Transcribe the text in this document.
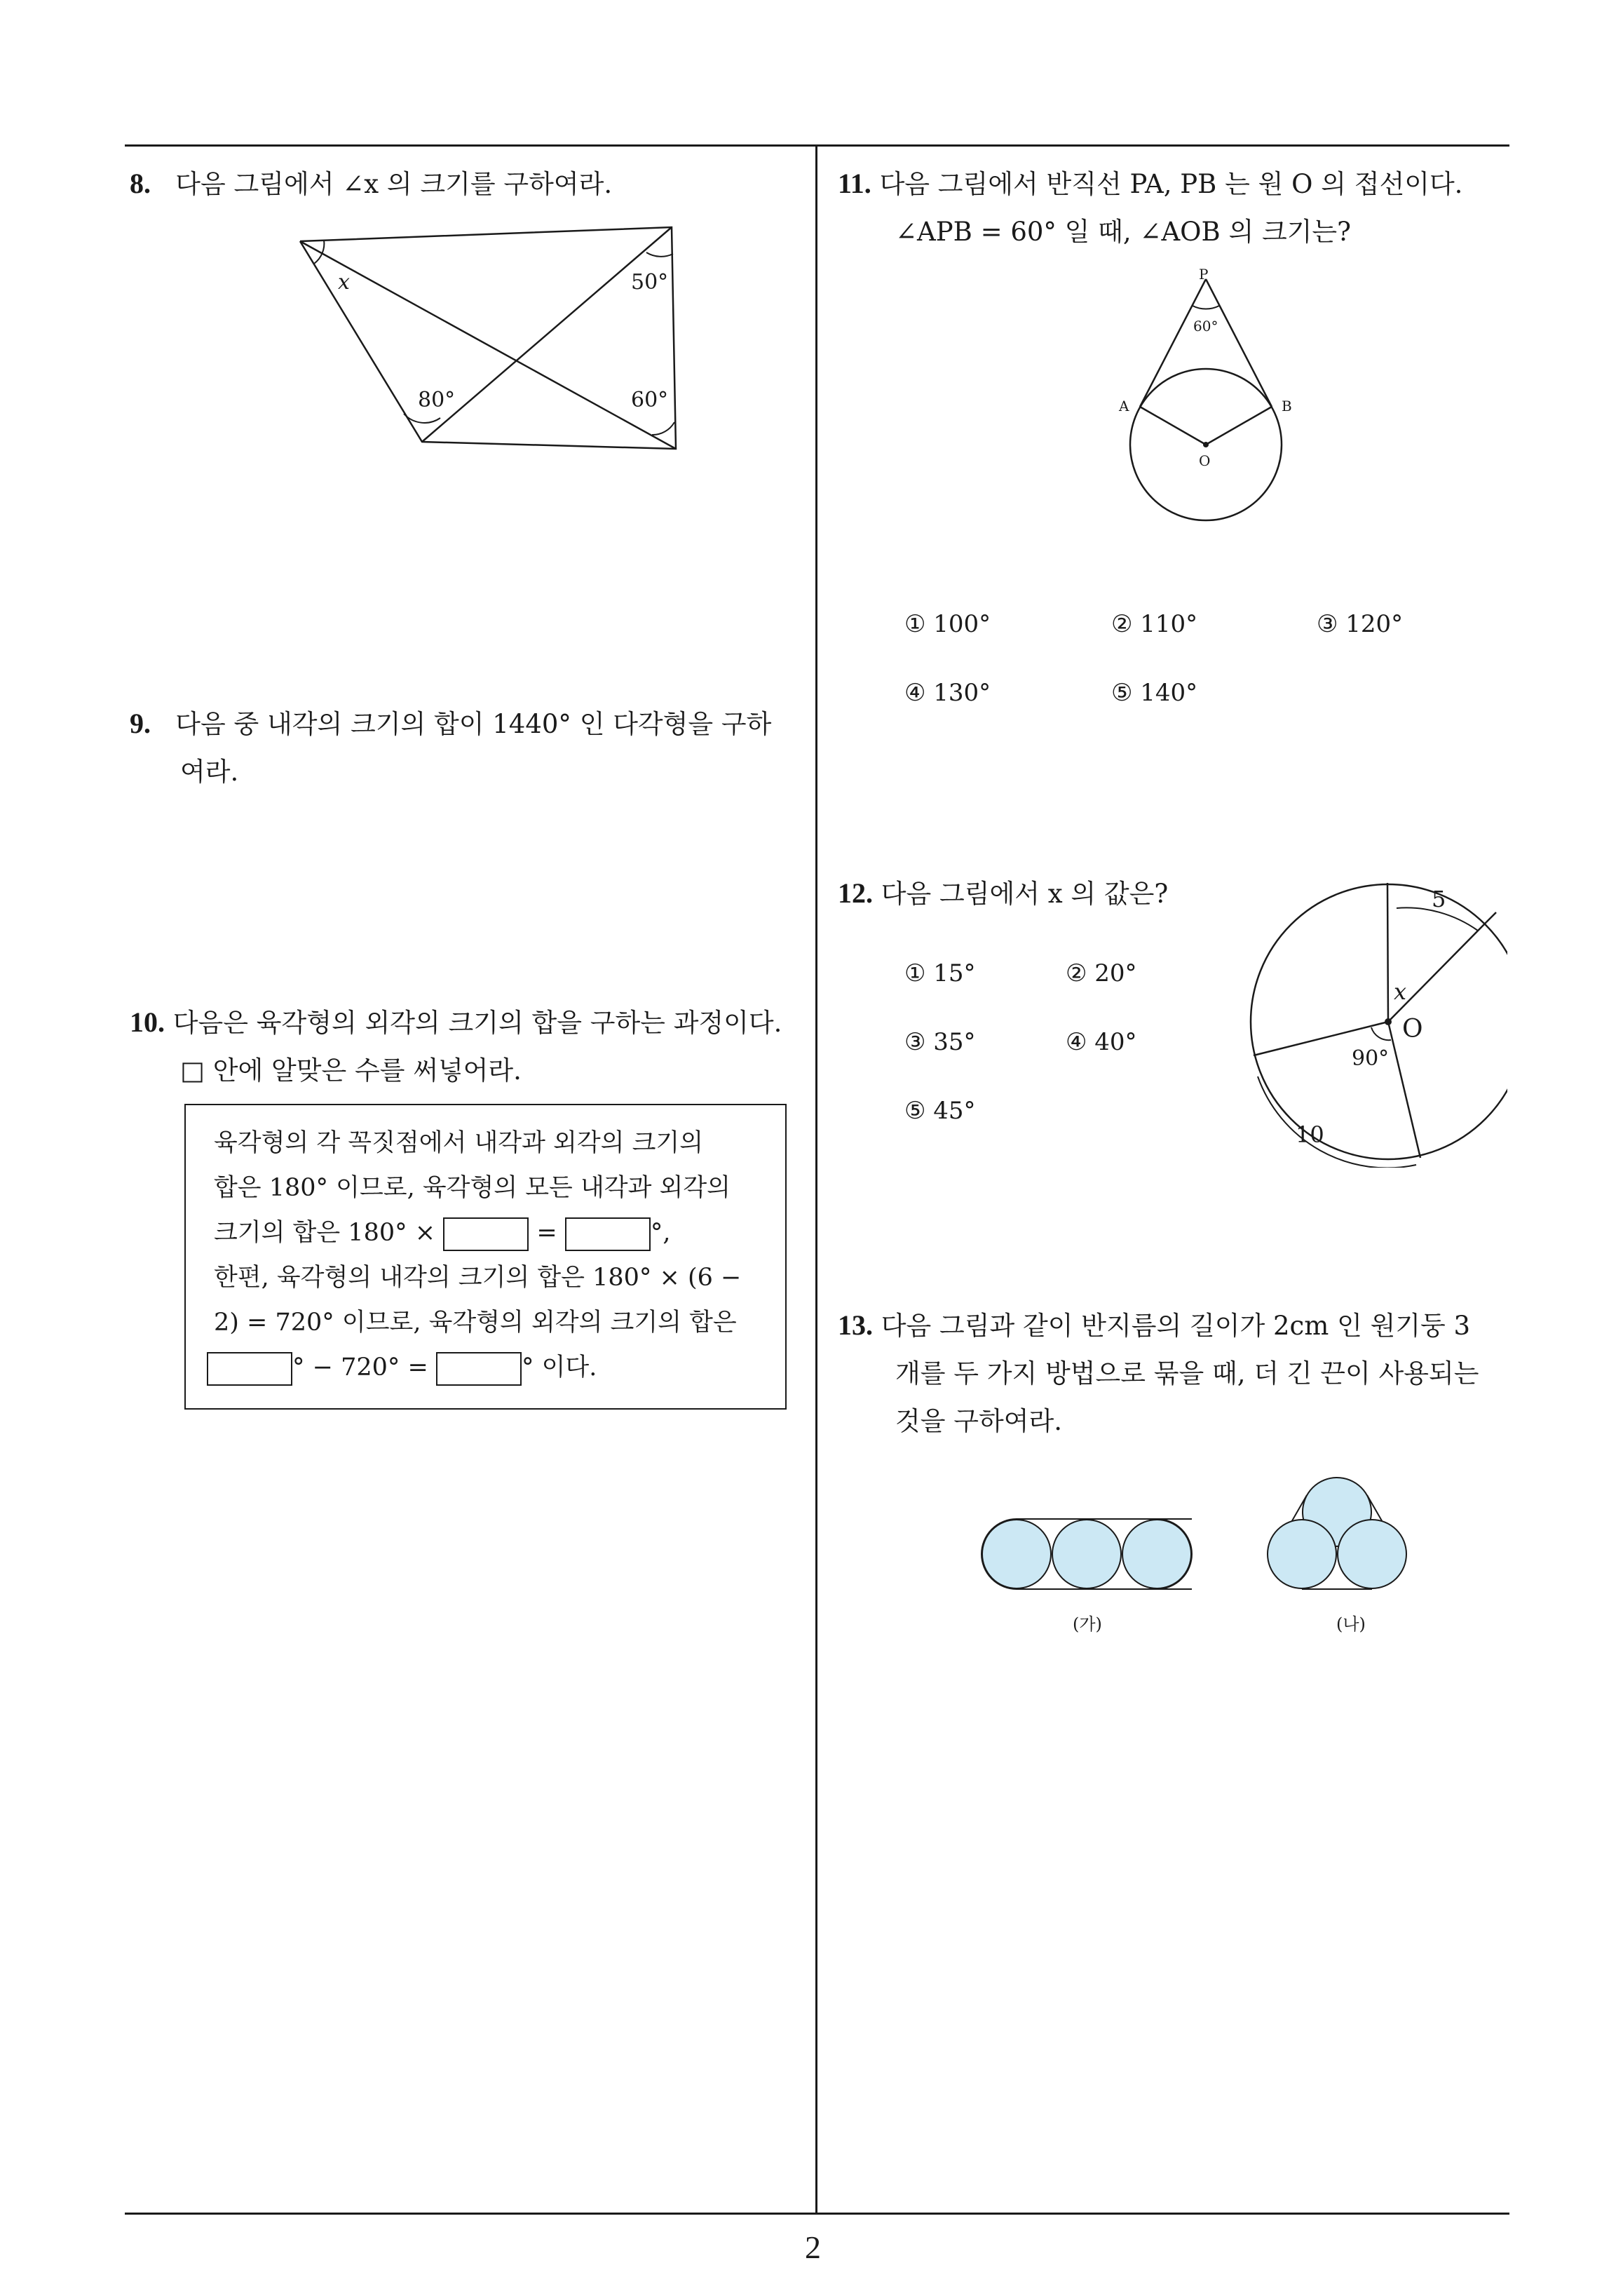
8. 다음 그림에서 ∠x 의 크기를 구하여라.
x	50°
80°	60°
9. 다음 중 내각의 크기의 합이 1440° 인 다각형을 구하
여라.
10. 다음은 육각형의 외각의 크기의 합을 구하는 과정이다.
□ 안에 알맞은 수를 써넣어라.
육각형의 각 꼭짓점에서 내각과 외각의 크기의
합은 180° 이므로, 육각형의 모든 내각과 외각의
크기의 합은 180° ×	=	°,
한편, 육각형의 내각의 크기의 합은 180° × (6 −
2) = 720° 이므로, 육각형의 외각의 크기의 합은
° − 720° =	° 이다.
11. 다음 그림에서 반직선 PA, PB 는 원 O 의 접선이다.
∠APB = 60° 일 때, ∠AOB 의 크기는?
P
60°
A	B
O
① 100°	② 110°	③ 120°
④ 130°	⑤ 140°
12. 다음 그림에서 x 의 값은?	5
x
O
90°
10
① 15°	② 20°
③ 35°	④ 40°
⑤ 45°
13. 다음 그림과 같이 반지름의 길이가 2cm 인 원기둥 3
개를 두 가지 방법으로 묶을 때, 더 긴 끈이 사용되는
것을 구하여라.
(가)	(나)
2
